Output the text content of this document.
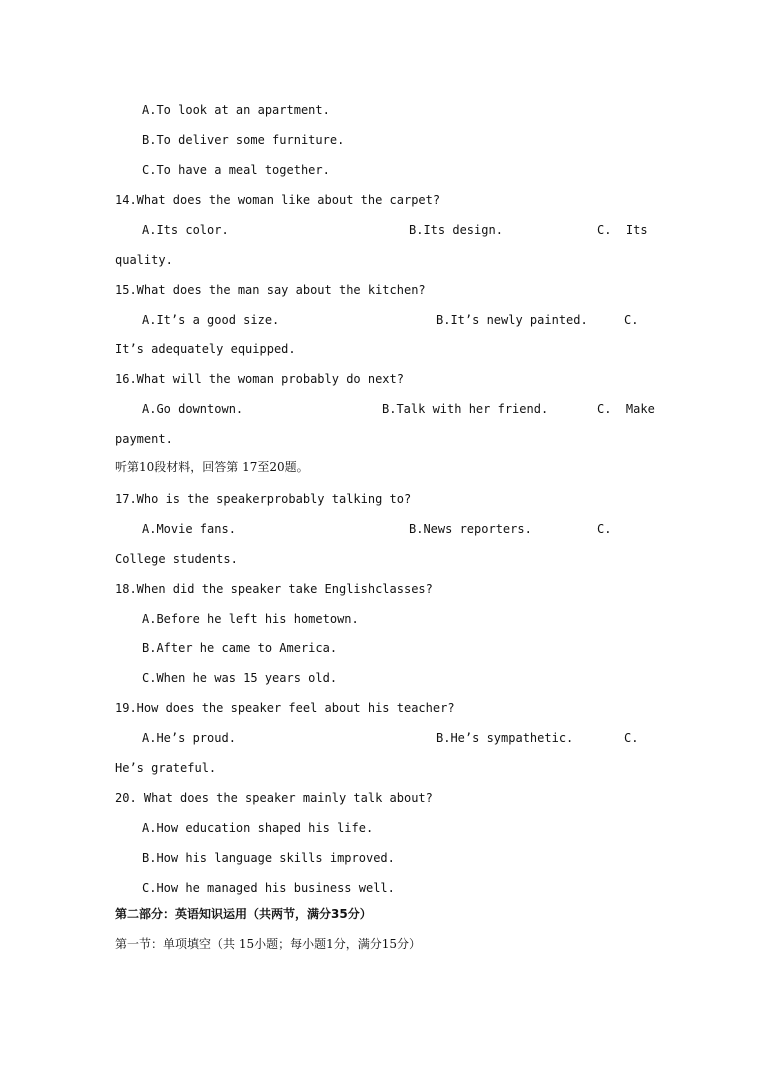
A.To look at an apartment.
B.To deliver some furniture.
C.To have a meal together.
14.What does the woman like about the carpet?
A.Its color.	B.Its design.	C.  Its
quality.
15.What does the man say about the kitchen?
A.It’s a good size.	B.It’s newly painted.	C.
It’s adequately equipped.
16.What will the woman probably do next?
A.Go downtown.	B.Talk with her friend.	C.  Make
payment.
听第10段材料，回答第 17至20题。
17.Who is the speakerprobably talking to?
A.Movie fans.	B.News reporters.	C.
College students.
18.When did the speaker take Englishclasses?
A.Before he left his hometown.
B.After he came to America.
C.When he was 15 years old.
19.How does the speaker feel about his teacher?
A.He’s proud.	B.He’s sympathetic.	C.
He’s grateful.
20. What does the speaker mainly talk about?
A.How education shaped his life.
B.How his language skills improved.
C.How he managed his business well.
第二部分：英语知识运用（共两节，满分35分）
第一节：单项填空（共 15小题；每小题1分，满分15分）
